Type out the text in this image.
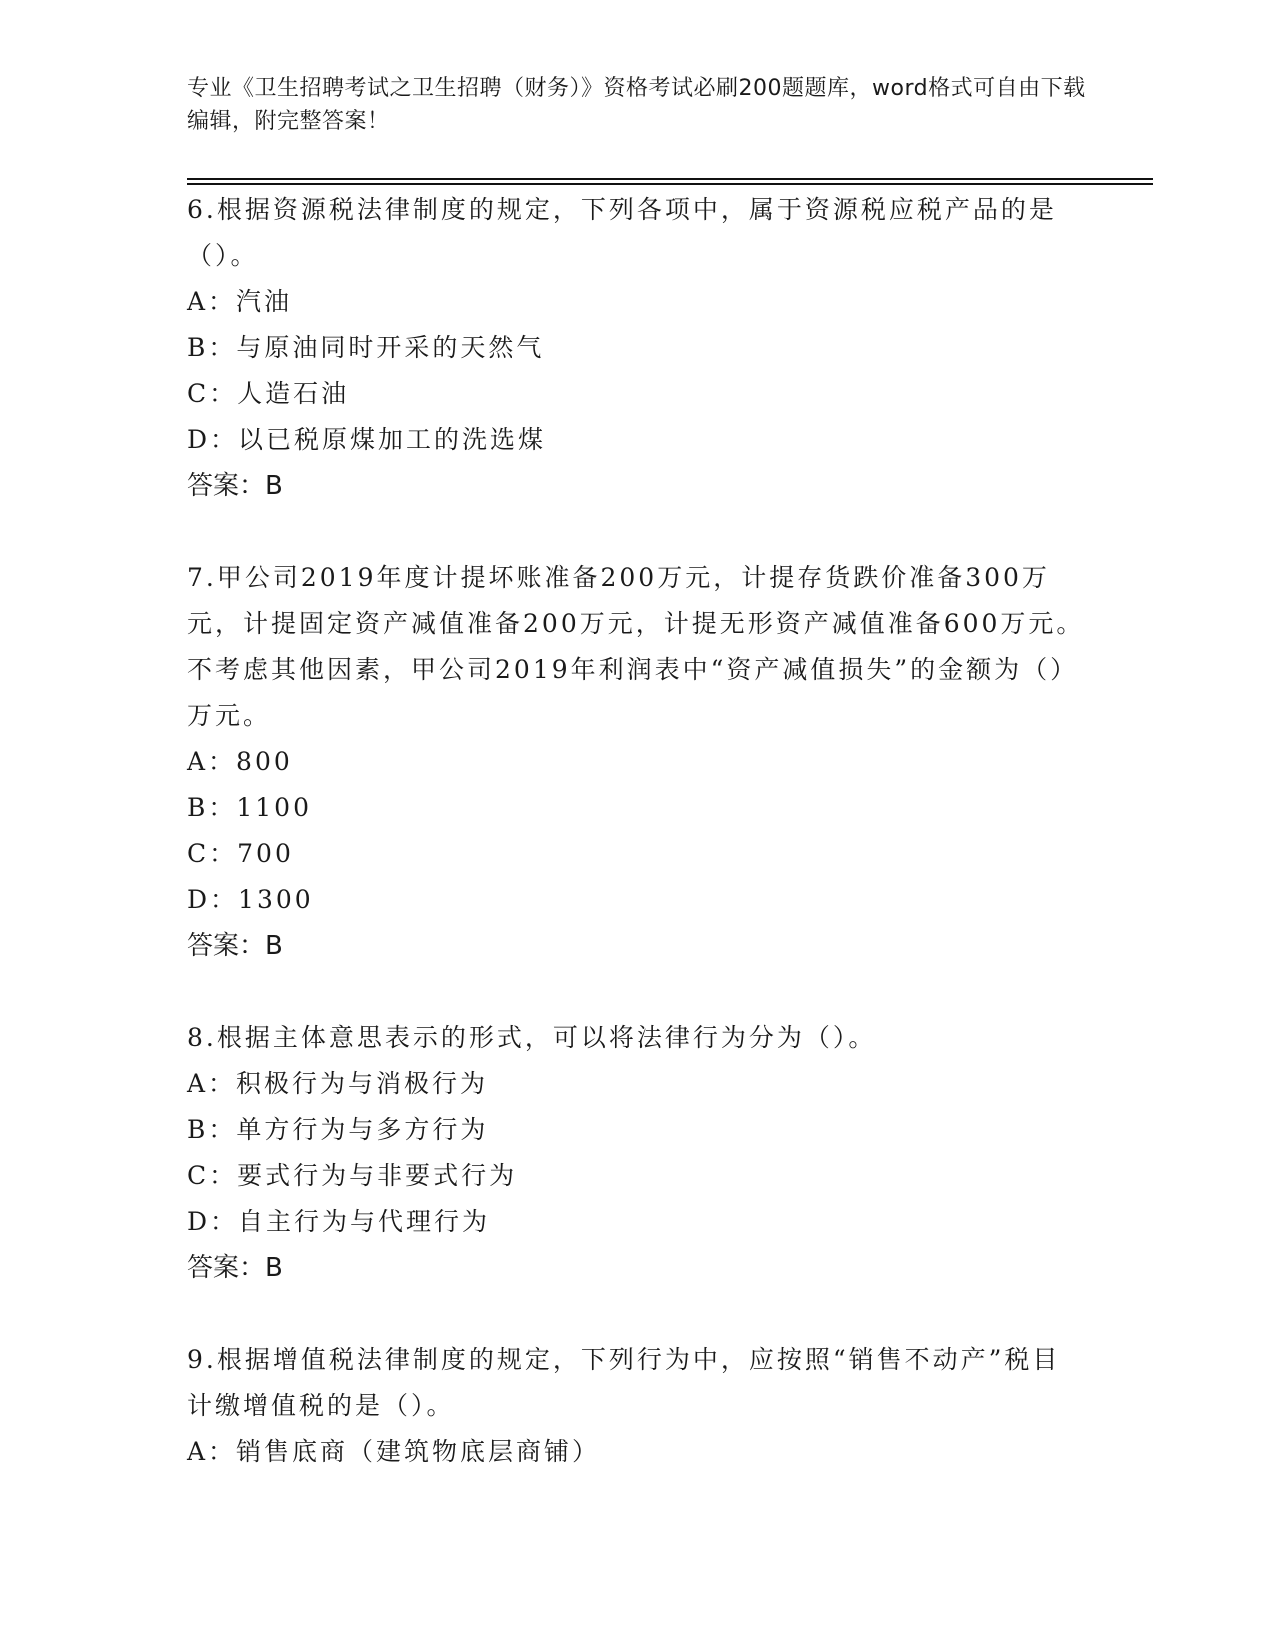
专业《卫生招聘考试之卫生招聘（财务）》资格考试必刷200题题库，word格式可自由下载编辑，附完整答案！

6.根据资源税法律制度的规定，下列各项中，属于资源税应税产品的是（）。

A：汽油

B：与原油同时开采的天然气

C：人造石油

D：以已税原煤加工的洗选煤

答案：B

7.甲公司2019年度计提坏账准备200万元，计提存货跌价准备300万元，计提固定资产减值准备200万元，计提无形资产减值准备600万元。不考虑其他因素，甲公司2019年利润表中“资产减值损失”的金额为（）万元。

A：800

B：1100

C：700

D：1300

答案：B

8.根据主体意思表示的形式，可以将法律行为分为（）。

A：积极行为与消极行为

B：单方行为与多方行为

C：要式行为与非要式行为

D：自主行为与代理行为

答案：B

9.根据增值税法律制度的规定，下列行为中，应按照“销售不动产”税目计缴增值税的是（）。

A：销售底商（建筑物底层商铺）
